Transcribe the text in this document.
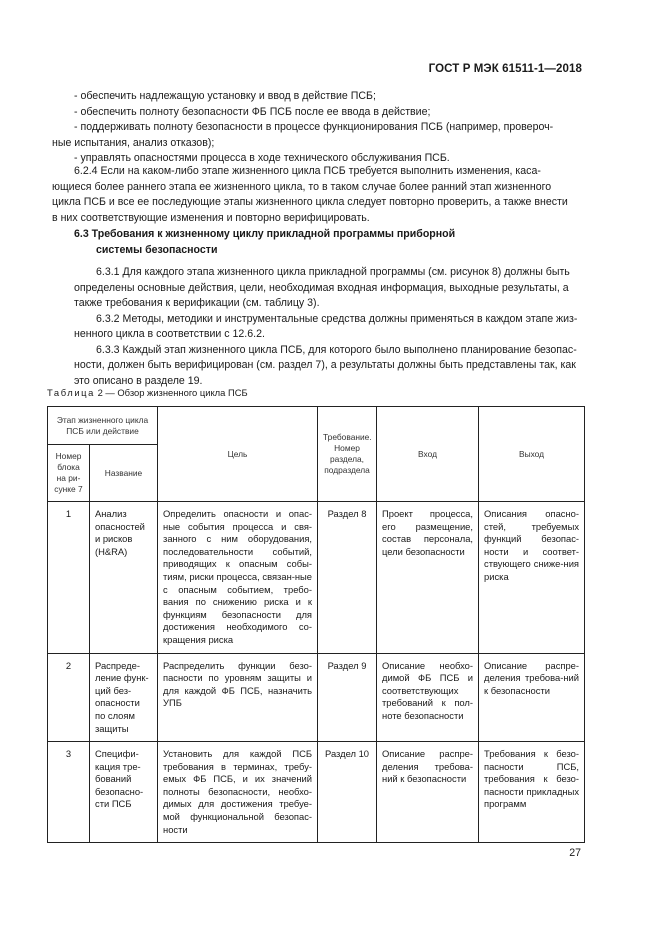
ГОСТ Р МЭК 61511-1—2018

- обеспечить надлежащую установку и ввод в действие ПСБ;

- обеспечить полноту безопасности ФБ ПСБ после ее ввода в действие;

- поддерживать полноту безопасности в процессе функционирования ПСБ (например, провероч-

ные испытания, анализ отказов);

- управлять опасностями процесса в ходе технического обслуживания ПСБ.

6.2.4 Если на каком-либо этапе жизненного цикла ПСБ требуется выполнить изменения, каса-

ющиеся более раннего этапа ее жизненного цикла, то в таком случае более ранний этап жизненного

цикла ПСБ и все ее последующие этапы жизненного цикла следует повторно проверить, а также внести

в них соответствующие изменения и повторно верифицировать.

6.3 Требования к жизненному циклу прикладной программы приборной

системы безопасности

6.3.1 Для каждого этапа жизненного цикла прикладной программы (см. рисунок 8) должны быть

определены основные действия, цели, необходимая входная информация, выходные результаты, а

также требования к верификации (см. таблицу 3).

6.3.2 Методы, методики и инструментальные средства должны применяться в каждом этапе жиз-

ненного цикла в соответствии с 12.6.2.

6.3.3 Каждый этап жизненного цикла ПСБ, для которого было выполнено планирование безопас-

ности, должен быть верифицирован (см. раздел 7), а результаты должны быть представлены так, как

это описано в разделе 19.

Таблица 2 — Обзор жизненного цикла ПСБ
Этап жизненного цикла ПСБ или действие		Цель	Требование. Номер раздела, подраздела	Вход	Выход
Номер блока на ри-сунке 7	Название				
1	Анализ опасностей и рисков (H&RA)	Определить опасности и опас-ные события процесса и свя-занного с ним оборудования, последовательности событий, приводящих к опасным собы-тиям, риски процесса, связан-ные с опасным событием, требо-вания по снижению риска и к функциям безопасности для достижения необходимого со-кращения риска	Раздел 8	Проект процесса, его размещение, состав персонала, цели безопасности	Описания опасно-стей, требуемых функций безопас-ности и соответ-ствующего сниже-ния риска
2	Распреде-ление функ-ций без-опасности по слоям защиты	Распределить функции безо-пасности по уровням защиты и для каждой ФБ ПСБ, назначить УПБ	Раздел 9	Описание необхо-димой ФБ ПСБ и соответствующих требований к пол-ноте безопасности	Описание распре-деления требова-ний к безопасности
3	Специфи-кация тре-бований безопасно-сти ПСБ	Установить для каждой ПСБ требования в терминах, требу-емых ФБ ПСБ, и их значений полноты безопасности, необхо-димых для достижения требуе-мой функциональной безопас-ности	Раздел 10	Описание распре-деления требова-ний к безопасности	Требования к безо-пасности ПСБ, требования к безо-пасности прикладных программ
27
